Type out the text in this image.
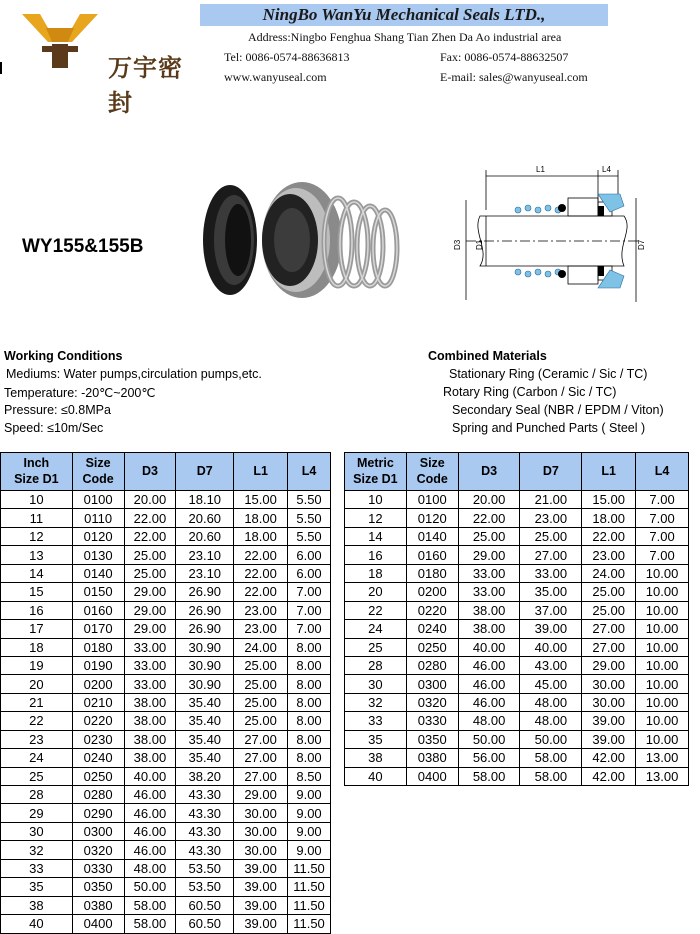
万宇密封
NingBo WanYu Mechanical Seals LTD.,
Address:Ningbo Fenghua Shang Tian Zhen Da Ao industrial area
Tel: 0086-0574-88636813	Fax: 0086-0574-88632507
www.wanyuseal.com	E-mail: sales@wanyuseal.com
WY155&155B
L1	L4
D3 D1	D7
Working Conditions
Mediums: Water pumps,circulation pumps,etc.
Temperature: -20℃~200℃
Pressure: ≤0.8MPa
Speed: ≤10m/Sec
Combined Materials
Stationary Ring (Ceramic / Sic / TC)
Rotary Ring (Carbon / Sic / TC)
Secondary Seal (NBR / EPDM / Viton)
Spring and Punched Parts ( Steel )
Inch
Size D1	Size
Code	D3	D7	L1	L4
10	0100	20.00	18.10	15.00	5.50
11	0110	22.00	20.60	18.00	5.50
12	0120	22.00	20.60	18.00	5.50
13	0130	25.00	23.10	22.00	6.00
14	0140	25.00	23.10	22.00	6.00
15	0150	29.00	26.90	22.00	7.00
16	0160	29.00	26.90	23.00	7.00
17	0170	29.00	26.90	23.00	7.00
18	0180	33.00	30.90	24.00	8.00
19	0190	33.00	30.90	25.00	8.00
20	0200	33.00	30.90	25.00	8.00
21	0210	38.00	35.40	25.00	8.00
22	0220	38.00	35.40	25.00	8.00
23	0230	38.00	35.40	27.00	8.00
24	0240	38.00	35.40	27.00	8.00
25	0250	40.00	38.20	27.00	8.50
28	0280	46.00	43.30	29.00	9.00
29	0290	46.00	43.30	30.00	9.00
30	0300	46.00	43.30	30.00	9.00
32	0320	46.00	43.30	30.00	9.00
33	0330	48.00	53.50	39.00	11.50
35	0350	50.00	53.50	39.00	11.50
38	0380	58.00	60.50	39.00	11.50
40	0400	58.00	60.50	39.00	11.50
Metric
Size D1	Size
Code	D3	D7	L1	L4
10	0100	20.00	21.00	15.00	7.00
12	0120	22.00	23.00	18.00	7.00
14	0140	25.00	25.00	22.00	7.00
16	0160	29.00	27.00	23.00	7.00
18	0180	33.00	33.00	24.00	10.00
20	0200	33.00	35.00	25.00	10.00
22	0220	38.00	37.00	25.00	10.00
24	0240	38.00	39.00	27.00	10.00
25	0250	40.00	40.00	27.00	10.00
28	0280	46.00	43.00	29.00	10.00
30	0300	46.00	45.00	30.00	10.00
32	0320	46.00	48.00	30.00	10.00
33	0330	48.00	48.00	39.00	10.00
35	0350	50.00	50.00	39.00	10.00
38	0380	56.00	58.00	42.00	13.00
40	0400	58.00	58.00	42.00	13.00
